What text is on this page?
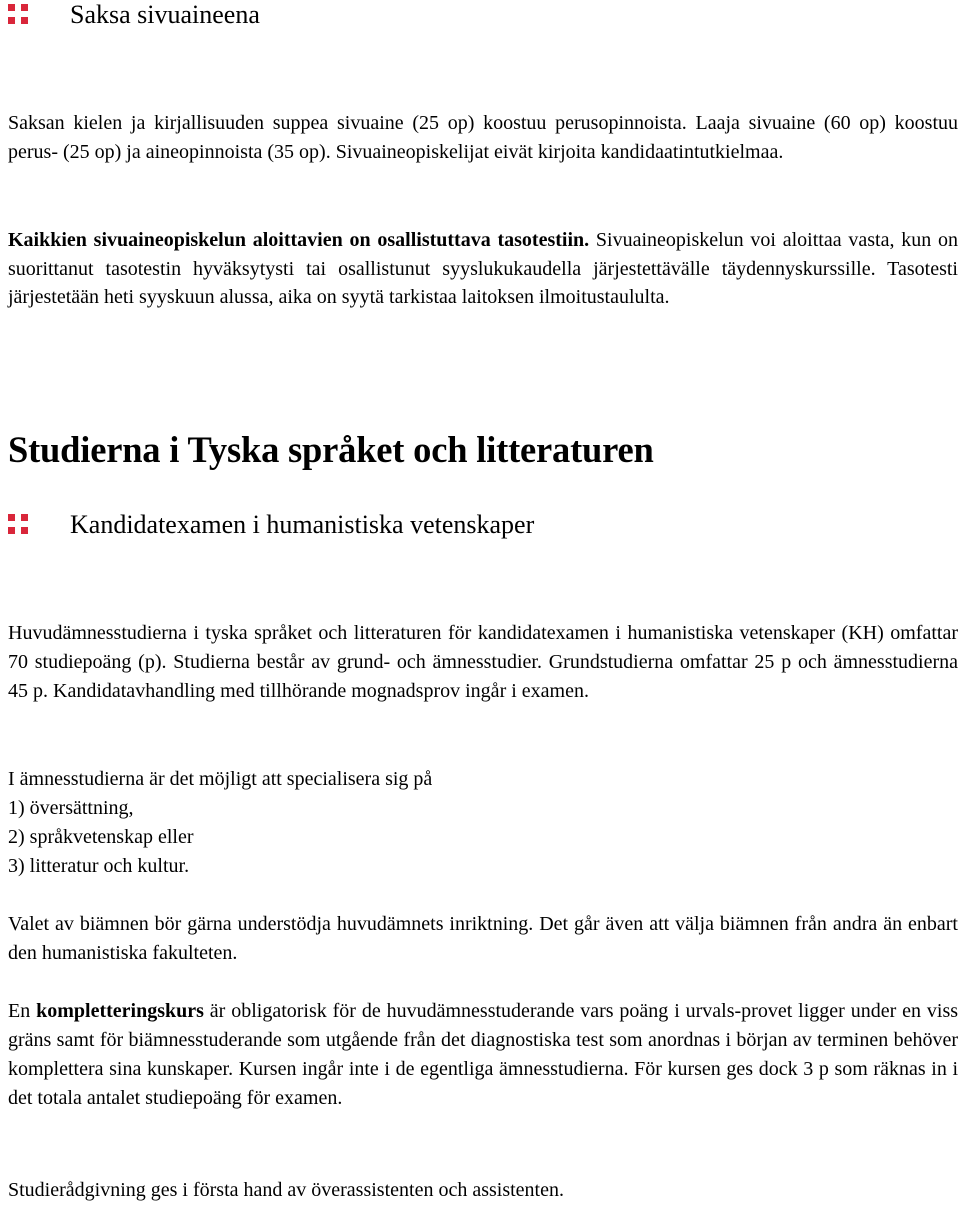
Saksa sivuaineena

Saksan kielen ja kirjallisuuden suppea sivuaine (25 op) koostuu perusopinnoista. Laaja sivuaine (60 op) koostuu perus- (25 op) ja aineopinnoista (35 op). Sivuaineopiskelijat eivät kirjoita kandidaatintutkielmaa.

Kaikkien sivuaineopiskelun aloittavien on osallistuttava tasotestiin. Sivuaineopiskelun voi aloittaa vasta, kun on suorittanut tasotestin hyväksytysti tai osallistunut syyslukukaudella järjestettävälle täydennyskurssille. Tasotesti järjestetään heti syyskuun alussa, aika on syytä tarkistaa laitoksen ilmoitustaululta.

Studierna i Tyska språket och litteraturen
Kandidatexamen i humanistiska vetenskaper

Huvudämnesstudierna i tyska språket och litteraturen för kandidatexamen i humanistiska vetenskaper (KH) omfattar 70 studiepoäng (p). Studierna består av grund- och ämnesstudier. Grundstudierna omfattar 25 p och ämnesstudierna 45 p. Kandidatavhandling med tillhörande mognadsprov ingår i examen.

I ämnesstudierna är det möjligt att specialisera sig på
1) översättning,
2) språkvetenskap eller
3) litteratur och kultur.

Valet av biämnen bör gärna understödja huvudämnets inriktning. Det går även att välja biämnen från andra än enbart den humanistiska fakulteten.

En kompletteringskurs är obligatorisk för de huvudämnesstuderande vars poäng i urvals-provet ligger under en viss gräns samt för biämnesstuderande som utgående från det diagnostiska test som anordnas i början av terminen behöver komplettera sina kunskaper. Kursen ingår inte i de egentliga ämnesstudierna. För kursen ges dock 3 p som räknas in i det totala antalet studiepoäng för examen.

Studierådgivning ges i första hand av överassistenten och assistenten.
